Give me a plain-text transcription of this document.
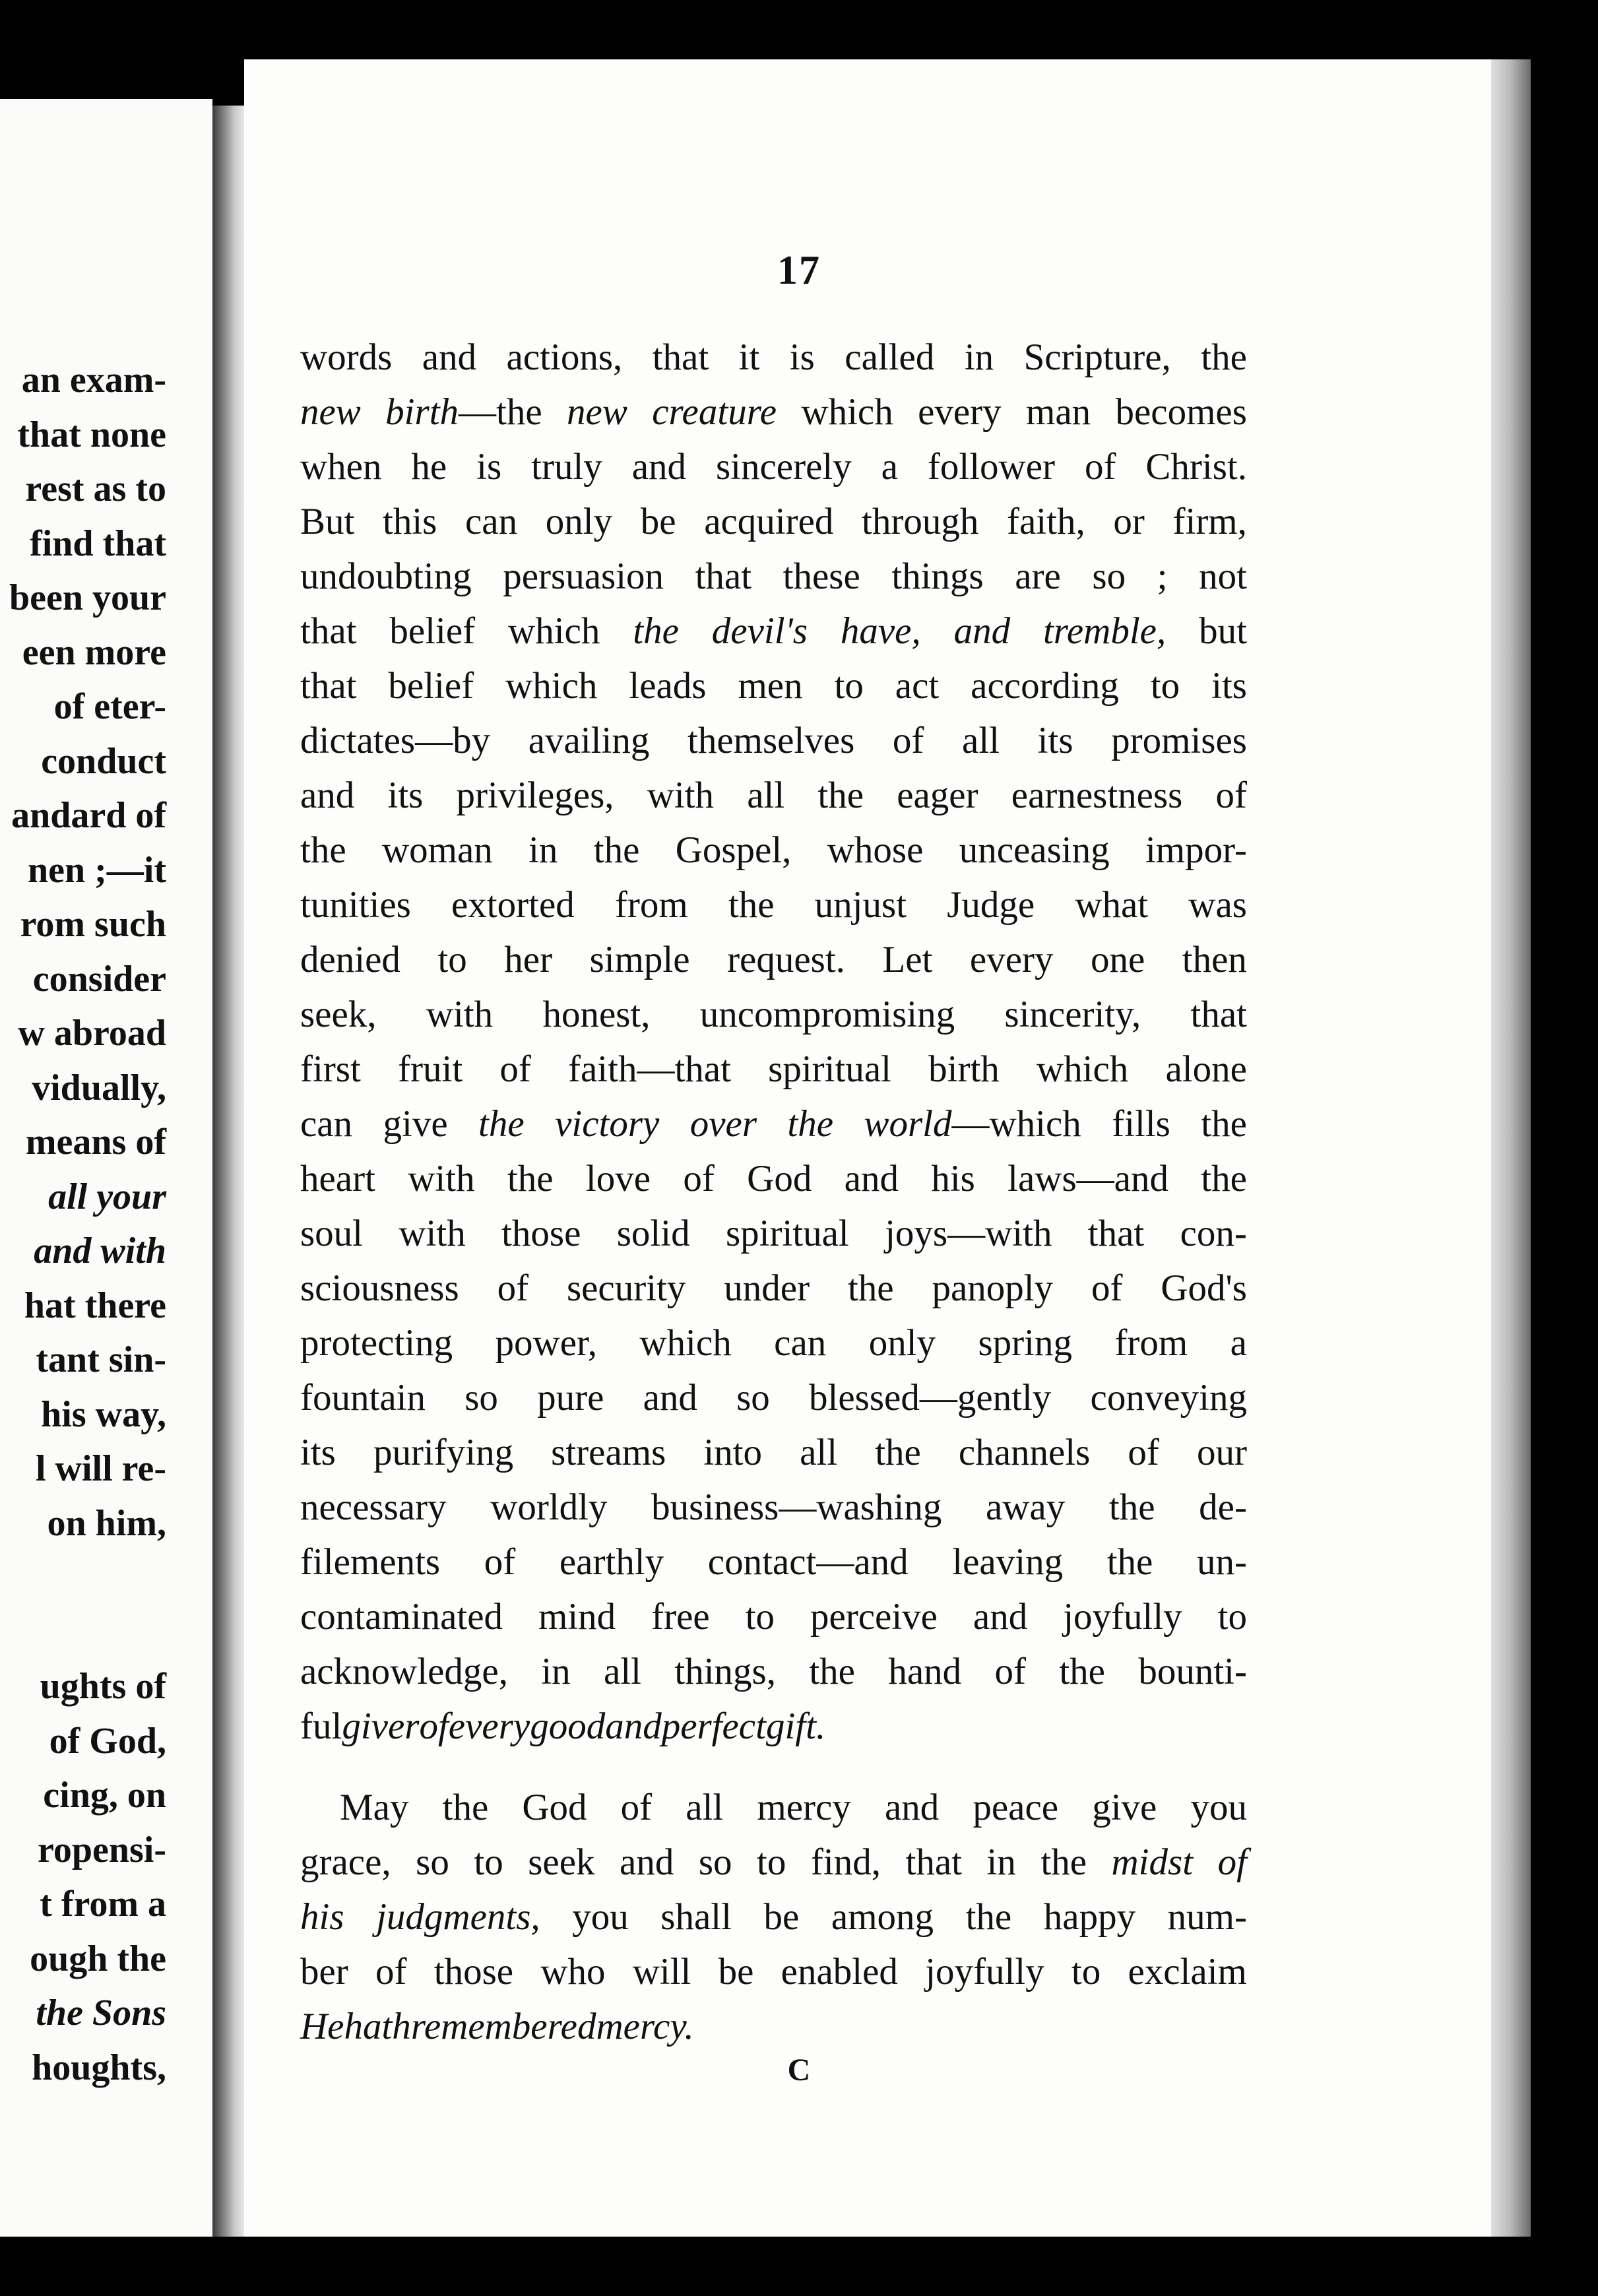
an exam-
that none
rest as to
find that
been your
een more
of eter-
conduct
andard of
nen ;—it
rom such
consider
w abroad
vidually,
means of
all your
and with
hat there
tant sin-
his way,
l will re-
on him,
ughts of
of God,
cing, on
ropensi-
t from a
ough the
the Sons
houghts,
17
words and actions, that it is called in Scripture, the
new birth—the new creature which every man becomes
when he is truly and sincerely a follower of Christ.
But this can only be acquired through faith, or firm,
undoubting persuasion that these things are so ; not
that belief which the devil's have, and tremble, but
that belief which leads men to act according to its
dictates—by availing themselves of all its promises
and its privileges, with all the eager earnestness of
the woman in the Gospel, whose unceasing impor-
tunities extorted from the unjust Judge what was
denied to her simple request. Let every one then
seek, with honest, uncompromising sincerity, that
first fruit of faith—that spiritual birth which alone
can give the victory over the world—which fills the
heart with the love of God and his laws—and the
soul with those solid spiritual joys—with that con-
sciousness of security under the panoply of God's
protecting power, which can only spring from a
fountain so pure and so blessed—gently conveying
its purifying streams into all the channels of our
necessary worldly business—washing away the de-
filements of earthly contact—and leaving the un-
contaminated mind free to perceive and joyfully to
acknowledge, in all things, the hand of the bounti-
ful giver of every good and perfect gift.
May the God of all mercy and peace give you
grace, so to seek and so to find, that in the midst of
his judgments, you shall be among the happy num-
ber of those who will be enabled joyfully to exclaim
He hath remembered mercy.
C
